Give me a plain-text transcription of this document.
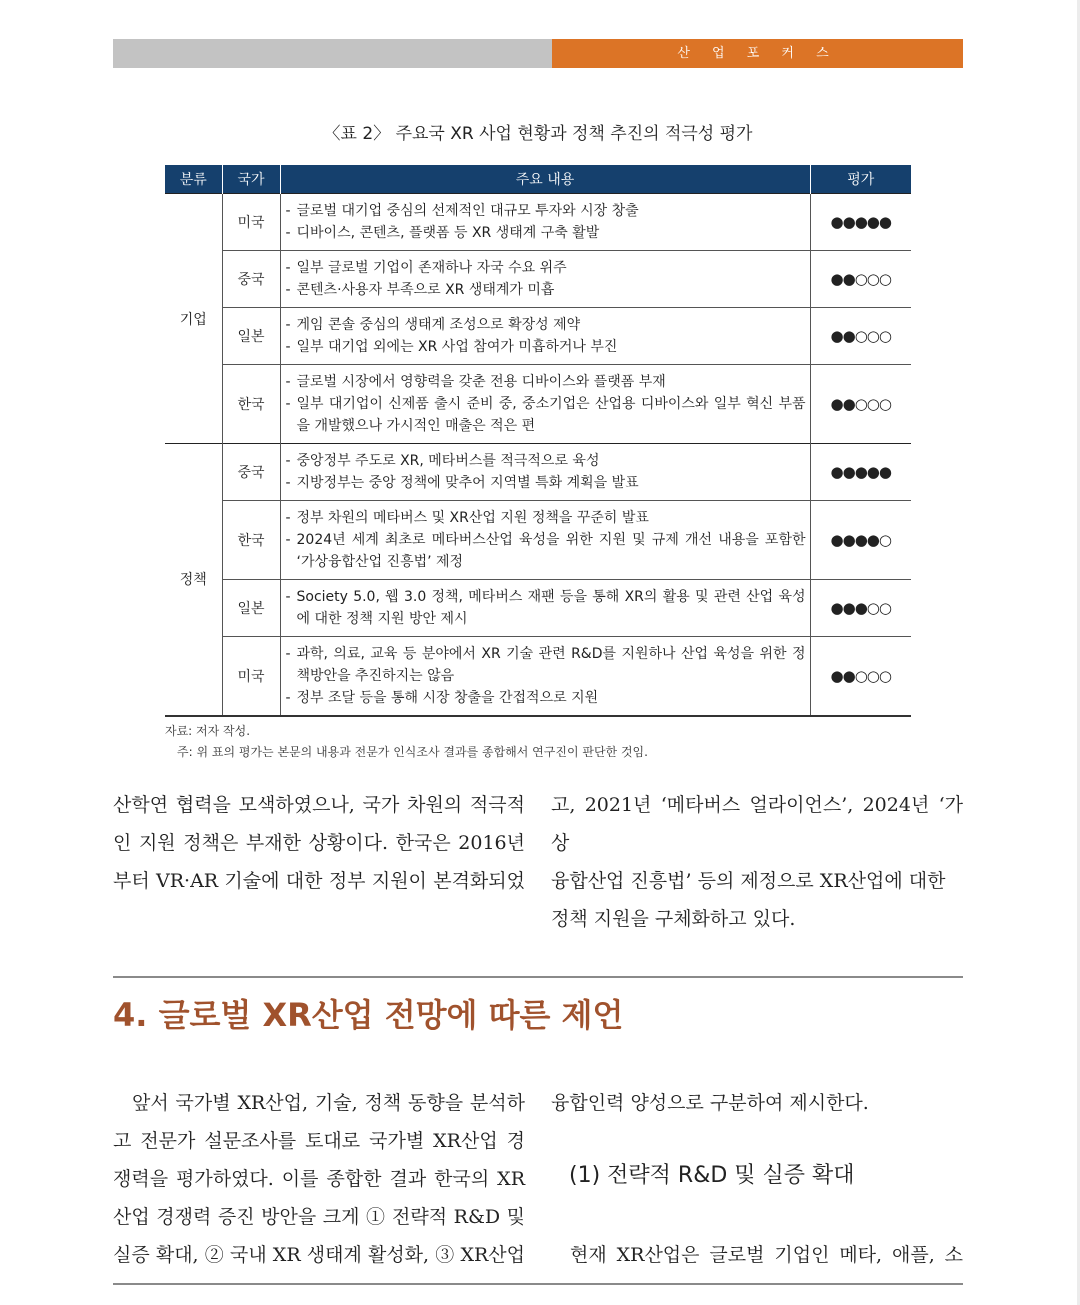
산 업 포 커 스
〈표 2〉 주요국 XR 사업 현황과 정책 추진의 적극성 평가
분류	국가	주요 내용	평가
기업	미국	- 글로벌 대기업 중심의 선제적인 대규모 투자와 시장 창출
- 디바이스, 콘텐츠, 플랫폼 등 XR 생태계 구축 활발	●●●●●
	중국	- 일부 글로벌 기업이 존재하나 자국 수요 위주
- 콘텐츠·사용자 부족으로 XR 생태계가 미흡	●●○○○
	일본	- 게임 콘솔 중심의 생태계 조성으로 확장성 제약
- 일부 대기업 외에는 XR 사업 참여가 미흡하거나 부진	●●○○○
	한국	- 글로벌 시장에서 영향력을 갖춘 전용 디바이스와 플랫폼 부재
- 일부 대기업이 신제품 출시 준비 중, 중소기업은 산업용 디바이스와 일부 혁신 부품을 개발했으나 가시적인 매출은 적은 편	●●○○○
정책	중국	- 중앙정부 주도로 XR, 메타버스를 적극적으로 육성
- 지방정부는 중앙 정책에 맞추어 지역별 특화 계획을 발표	●●●●●
	한국	- 정부 차원의 메타버스 및 XR산업 지원 정책을 꾸준히 발표
- 2024년 세계 최초로 메타버스산업 육성을 위한 지원 및 규제 개선 내용을 포함한 ‘가상융합산업 진흥법’ 제정	●●●●○
	일본	- Society 5.0, 웹 3.0 정책, 메타버스 재팬 등을 통해 XR의 활용 및 관련 산업 육성에 대한 정책 지원 방안 제시	●●●○○
	미국	- 과학, 의료, 교육 등 분야에서 XR 기술 관련 R&D를 지원하나 산업 육성을 위한 정책방안을 추진하지는 않음
- 정부 조달 등을 통해 시장 창출을 간접적으로 지원	●●○○○
자료: 저자 작성.
주: 위 표의 평가는 본문의 내용과 전문가 인식조사 결과를 종합해서 연구진이 판단한 것임.
산학연 협력을 모색하였으나, 국가 차원의 적극적
인 지원 정책은 부재한 상황이다. 한국은 2016년
부터 VR·AR 기술에 대한 정부 지원이 본격화되었
고, 2021년 ‘메타버스 얼라이언스’, 2024년 ‘가상
융합산업 진흥법’ 등의 제정으로 XR산업에 대한
정책 지원을 구체화하고 있다.
4. 글로벌 XR산업 전망에 따른 제언
앞서 국가별 XR산업, 기술, 정책 동향을 분석하
고 전문가 설문조사를 토대로 국가별 XR산업 경
쟁력을 평가하였다. 이를 종합한 결과 한국의 XR
산업 경쟁력 증진 방안을 크게 ① 전략적 R&D 및
실증 확대, ② 국내 XR 생태계 활성화, ③ XR산업
융합인력 양성으로 구분하여 제시한다.
(1) 전략적 R&D 및 실증 확대
현재 XR산업은 글로벌 기업인 메타, 애플, 소
